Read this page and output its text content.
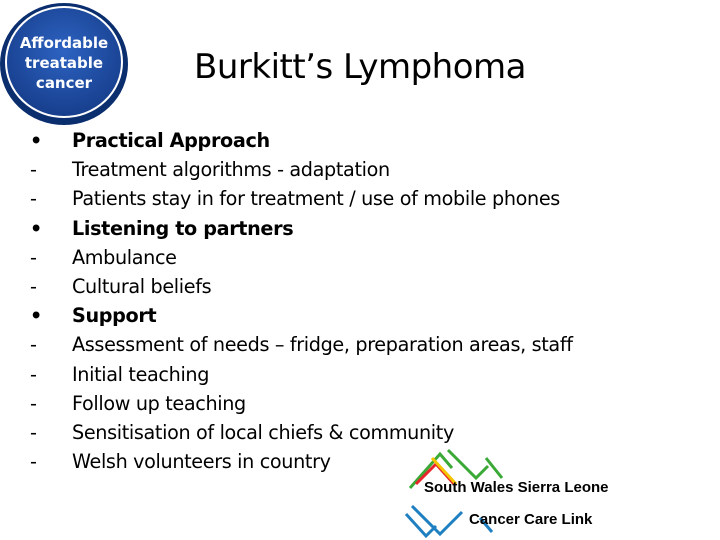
Affordable
treatable
cancer	Burkitt’s Lymphoma
•	Practical Approach
-	Treatment algorithms - adaptation
-	Patients stay in for treatment / use of mobile phones
•	Listening to partners
-	Ambulance
-	Cultural beliefs
•	Support
-	Assessment of needs – fridge, preparation areas, staff
-	Initial teaching
-	Follow up teaching
-	Sensitisation of local chiefs & community
-	Welsh volunteers in country
South Wales Sierra Leone
Cancer Care Link
